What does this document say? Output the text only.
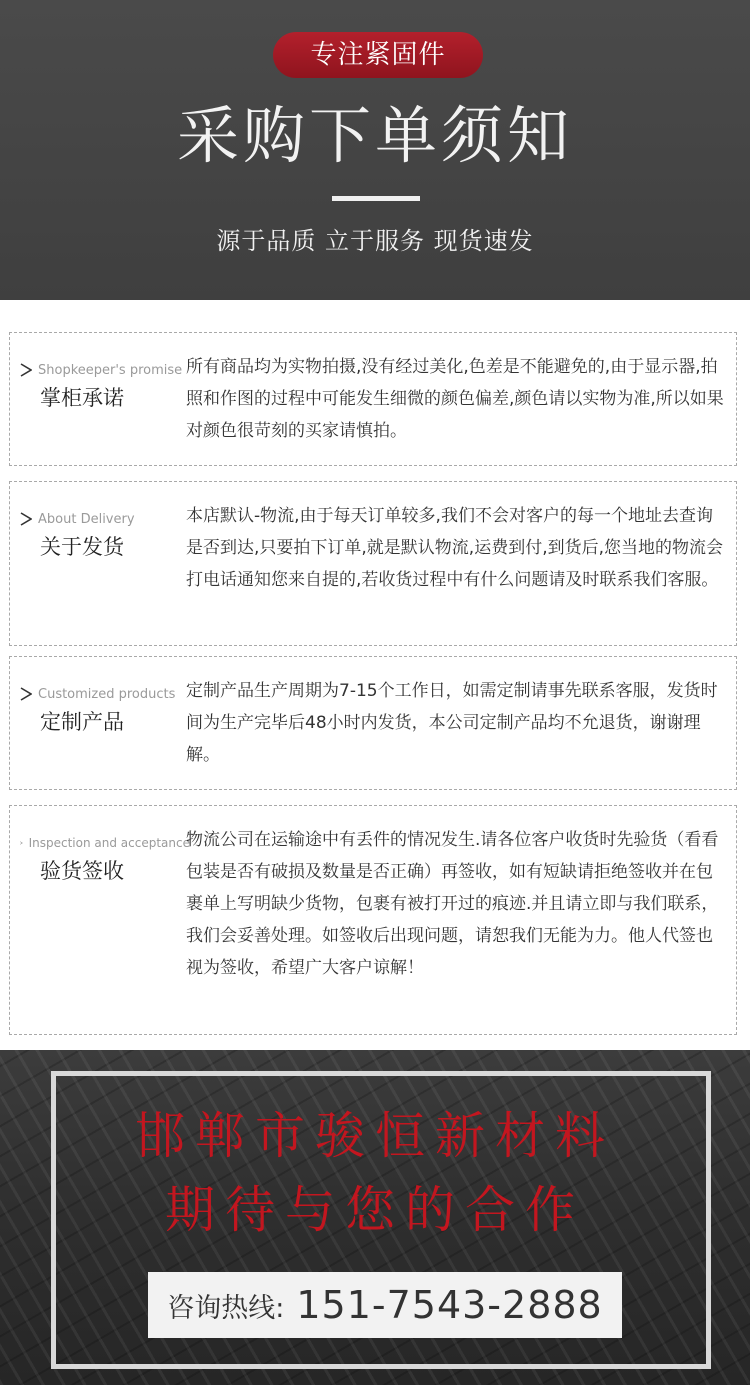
专注紧固件
采购下单须知
源于品质 立于服务 现货速发
Shopkeeper's promise
掌柜承诺
所有商品均为实物拍摄,没有经过美化,色差是不能避免的,由于显示器,拍照和作图的过程中可能发生细微的颜色偏差,颜色请以实物为准,所以如果对颜色很苛刻的买家请慎拍。
About Delivery
关于发货
本店默认-物流,由于每天订单较多,我们不会对客户的每一个地址去查询是否到达,只要拍下订单,就是默认物流,运费到付,到货后,您当地的物流会打电话通知您来自提的,若收货过程中有什么问题请及时联系我们客服。
Customized products
定制产品
定制产品生产周期为7-15个工作日，如需定制请事先联系客服，发货时间为生产完毕后48小时内发货，本公司定制产品均不允退货，谢谢理解。
Inspection and acceptance
验货签收
物流公司在运输途中有丢件的情况发生.请各位客户收货时先验货（看看包装是否有破损及数量是否正确）再签收，如有短缺请拒绝签收并在包裹单上写明缺少货物，包裹有被打开过的痕迹.并且请立即与我们联系，我们会妥善处理。如签收后出现问题，请恕我们无能为力。他人代签也视为签收，希望广大客户谅解！
邯郸市骏恒新材料
期待与您的合作
咨询热线: 151-7543-2888
